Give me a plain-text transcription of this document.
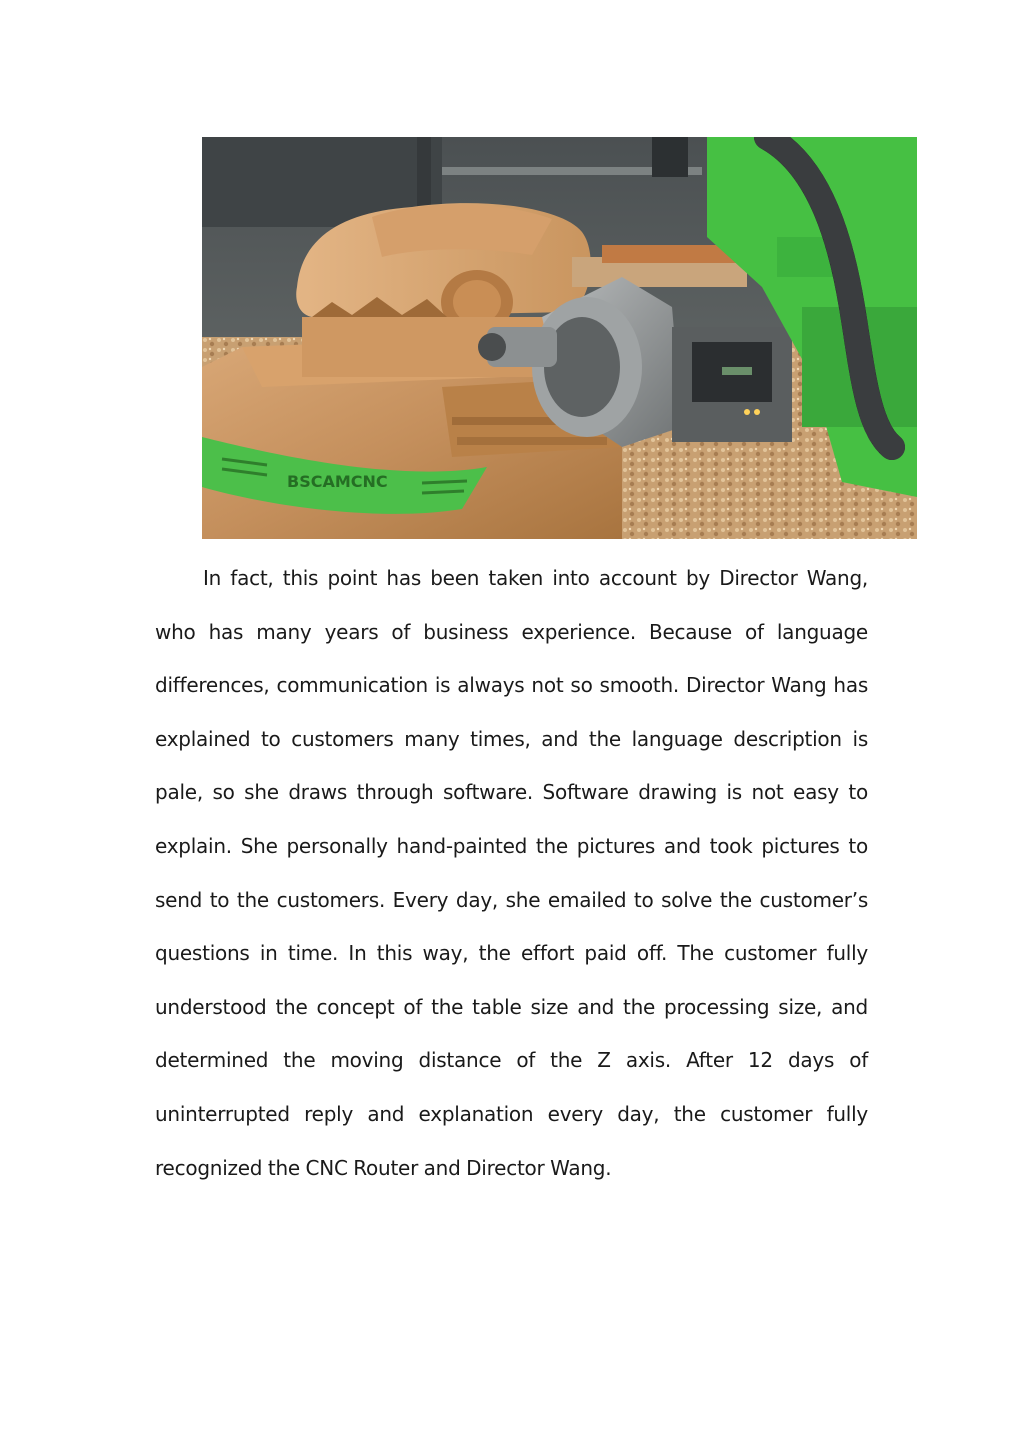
BSCAMCNC

In fact, this point has been taken into account by Director Wang, who has many years of business experience. Because of language differences, communication is always not so smooth. Director Wang has explained to customers many times, and the language description is pale, so she draws through software. Software drawing is not easy to explain. She personally hand-painted the pictures and took pictures to send to the customers. Every day, she emailed to solve the customer’s questions in time. In this way, the effort paid off. The customer fully understood the concept of the table size and the processing size, and determined the moving distance of the Z axis. After 12 days of uninterrupted reply and explanation every day, the customer fully recognized the CNC Router and Director Wang.
